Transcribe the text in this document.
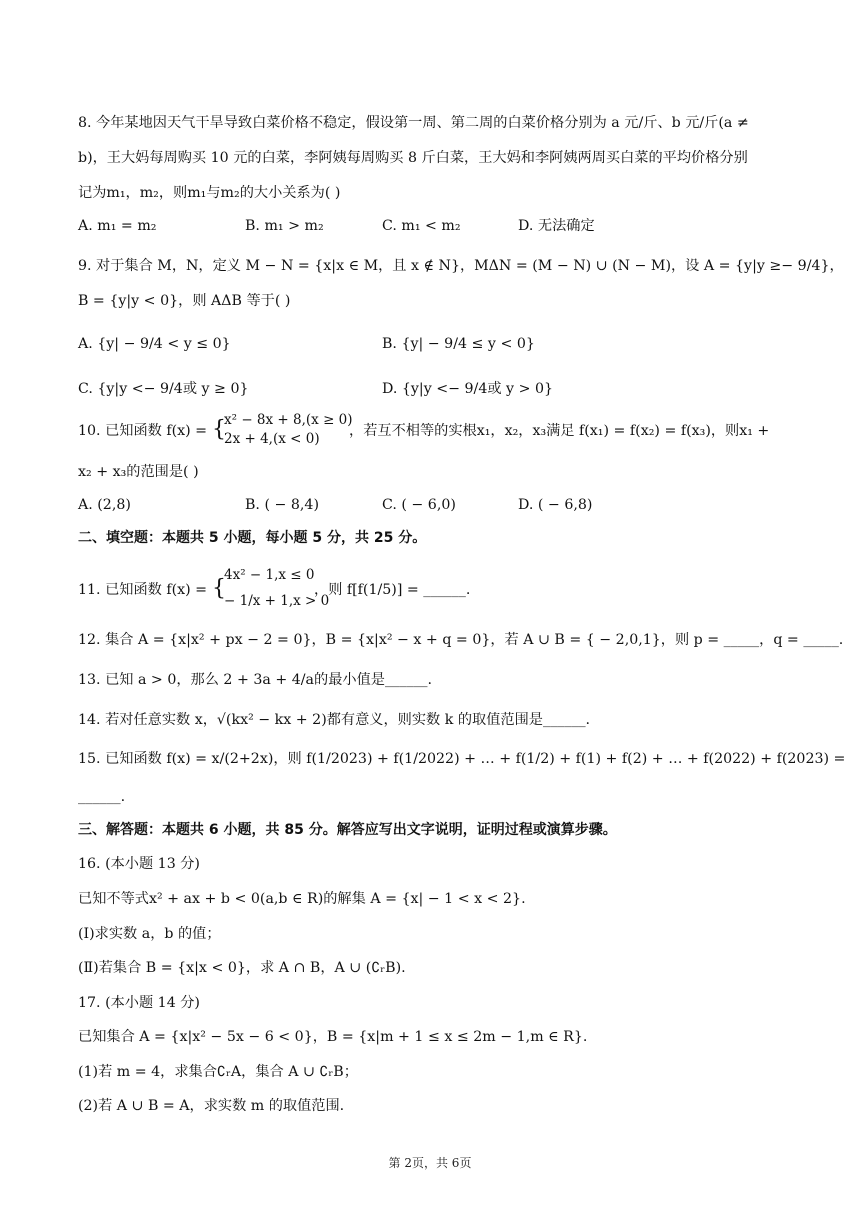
8. 今年某地因天气干旱导致白菜价格不稳定，假设第一周、第二周的白菜价格分别为 a 元/斤、b 元/斤(a ≠
b)，王大妈每周购买 10 元的白菜，李阿姨每周购买 8 斤白菜，王大妈和李阿姨两周买白菜的平均价格分别
记为m₁，m₂，则m₁与m₂的大小关系为( )
A. m₁ = m₂	B. m₁ > m₂	C. m₁ < m₂	D. 无法确定
9. 对于集合 M，N，定义 M − N = {x|x ∈ M，且 x ∉ N}，MΔN = (M − N) ∪ (N − M)，设 A = {y|y ≥− 9/4}，
B = {y|y < 0}，则 AΔB 等于( )
A. {y| − 9/4 < y ≤ 0}	B. {y| − 9/4 ≤ y < 0}
C. {y|y <− 9/4或 y ≥ 0}	D. {y|y <− 9/4或 y > 0}
10. 已知函数 f(x) = {
x² − 8x + 8,(x ≥ 0)
2x + 4,(x < 0) ，若互不相等的实根x₁，x₂，x₃满足 f(x₁) = f(x₂) = f(x₃)，则x₁ +
x₂ + x₃的范围是( )
A. (2,8)	B. ( − 8,4)	C. ( − 6,0)	D. ( − 6,8)
二、填空题：本题共 5 小题，每小题 5 分，共 25 分。
11. 已知函数 f(x) = {
4x² − 1,x ≤ 0
− 1/x + 1,x > 0
，则 f[f(1/5)] = ______.
12. 集合 A = {x|x² + px − 2 = 0}，B = {x|x² − x + q = 0}，若 A ∪ B = { − 2,0,1}，则 p = _____，q = _____.
13. 已知 a > 0，那么 2 + 3a + 4/a的最小值是______.
14. 若对任意实数 x，√(kx² − kx + 2)都有意义，则实数 k 的取值范围是______.
15. 已知函数 f(x) = x/(2+2x)，则 f(1/2023) + f(1/2022) + … + f(1/2) + f(1) + f(2) + … + f(2022) + f(2023) =
______.
三、解答题：本题共 6 小题，共 85 分。解答应写出文字说明，证明过程或演算步骤。
16. (本小题 13 分)
已知不等式x² + ax + b < 0(a,b ∈ R)的解集 A = {x| − 1 < x < 2}.
(Ⅰ)求实数 a，b 的值；
(Ⅱ)若集合 B = {x|x < 0}，求 A ∩ B，A ∪ (∁ᵣB).
17. (本小题 14 分)
已知集合 A = {x|x² − 5x − 6 < 0}，B = {x|m + 1 ≤ x ≤ 2m − 1,m ∈ R}.
(1)若 m = 4，求集合∁ᵣA，集合 A ∪ ∁ᵣB；
(2)若 A ∪ B = A，求实数 m 的取值范围.
第 2页，共 6页
